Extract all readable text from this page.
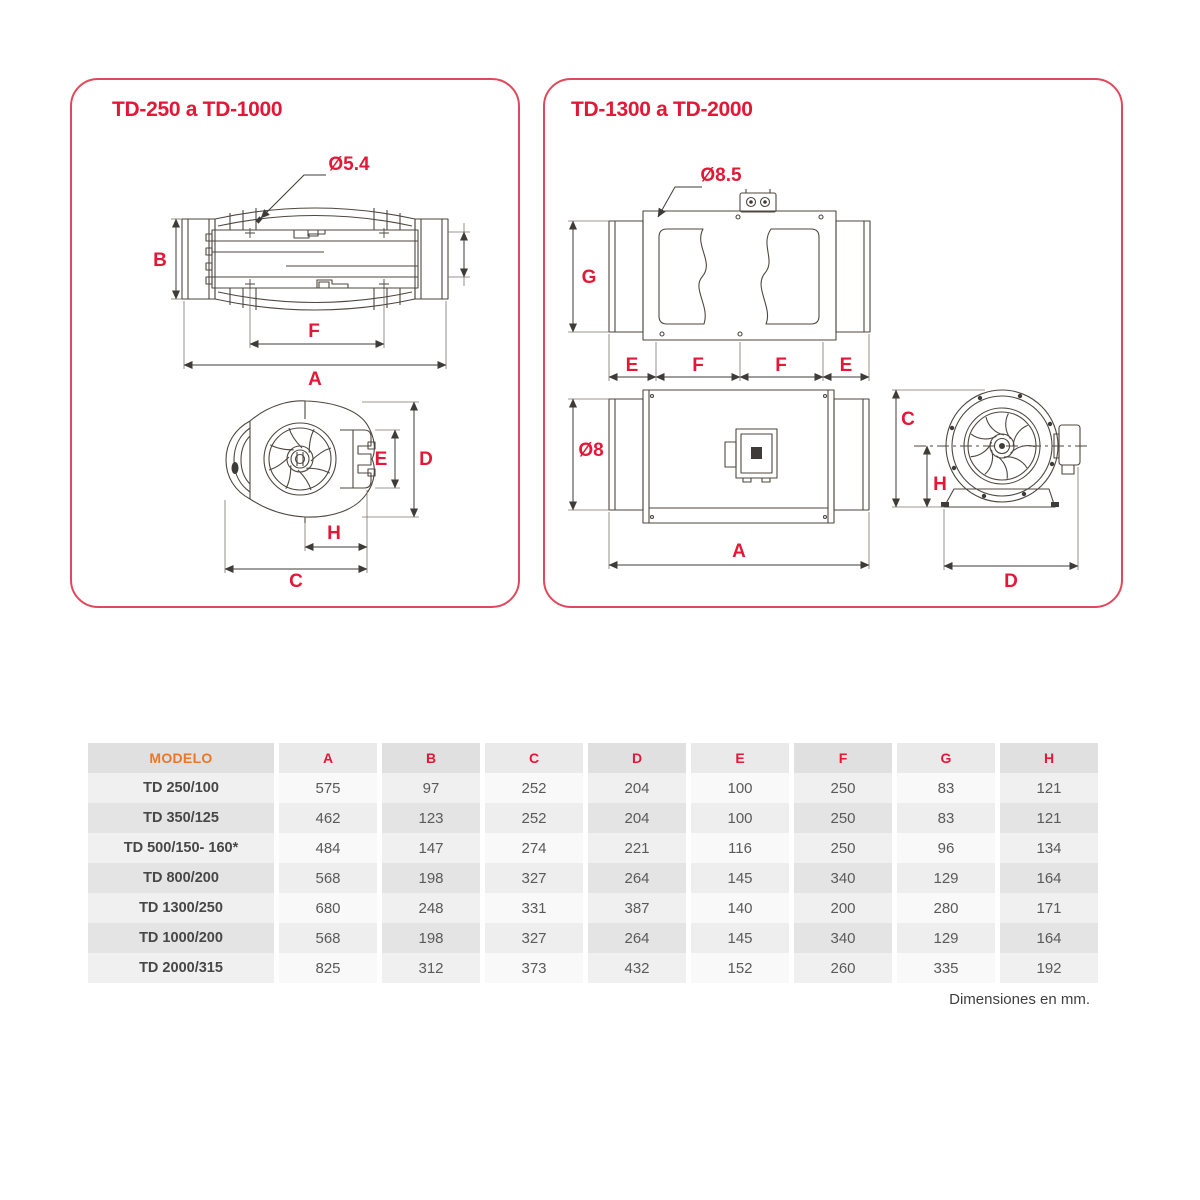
TD-250 a TD-1000
Ø5.4
B
F
A
E D
H
C
TD-1300 a TD-2000
Ø8.5
G
E	F	F	E
Ø8
A
C
H
D
MODELO	A	B	C	D	E	F	G	H
TD 250/100	575	97	252	204	100	250	83	121
TD 350/125	462	123	252	204	100	250	83	121
TD 500/150- 160*	484	147	274	221	116	250	96	134
TD 800/200	568	198	327	264	145	340	129	164
TD 1300/250	680	248	331	387	140	200	280	171
TD 1000/200	568	198	327	264	145	340	129	164
TD 2000/315	825	312	373	432	152	260	335	192
Dimensiones en mm.
